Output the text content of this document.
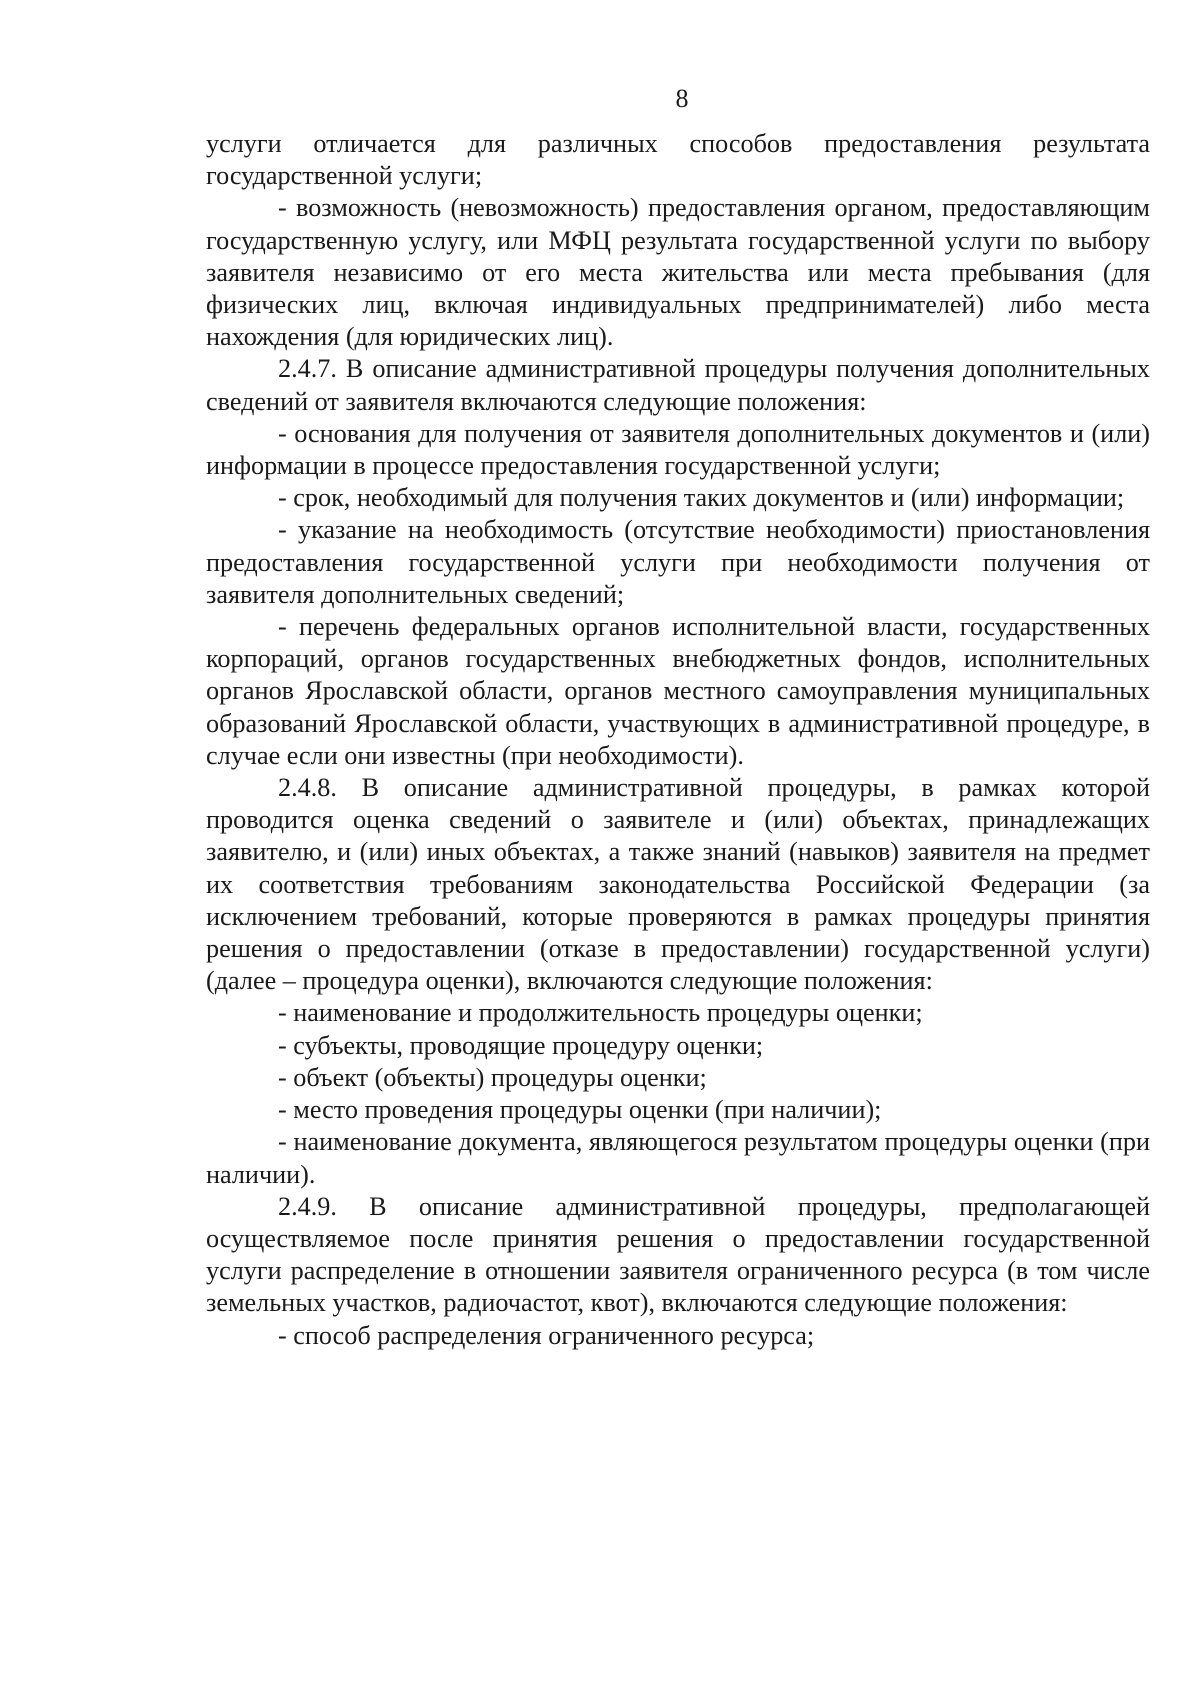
8

услуги отличается для различных способов предоставления результата государственной услуги;

- возможность (невозможность) предоставления органом, предоставляющим государственную услугу, или МФЦ результата государственной услуги по выбору заявителя независимо от его места жительства или места пребывания (для физических лиц, включая индивидуальных предпринимателей) либо места нахождения (для юридических лиц).

2.4.7. В описание административной процедуры получения дополнительных сведений от заявителя включаются следующие положения:

- основания для получения от заявителя дополнительных документов и (или) информации в процессе предоставления государственной услуги;

- срок, необходимый для получения таких документов и (или) информации;

- указание на необходимость (отсутствие необходимости) приостановления предоставления государственной услуги при необходимости получения от заявителя дополнительных сведений;

- перечень федеральных органов исполнительной власти, государственных корпораций, органов государственных внебюджетных фондов, исполнительных органов Ярославской области, органов местного самоуправления муниципальных образований Ярославской области, участвующих в административной процедуре, в случае если они известны (при необходимости).

2.4.8. В описание административной процедуры, в рамках которой проводится оценка сведений о заявителе и (или) объектах, принадлежащих заявителю, и (или) иных объектах, а также знаний (навыков) заявителя на предмет их соответствия требованиям законодательства Российской Федерации (за исключением требований, которые проверяются в рамках процедуры принятия решения о предоставлении (отказе в предоставлении) государственной услуги) (далее – процедура оценки), включаются следующие положения:

- наименование и продолжительность процедуры оценки;

- субъекты, проводящие процедуру оценки;

- объект (объекты) процедуры оценки;

- место проведения процедуры оценки (при наличии);

- наименование документа, являющегося результатом процедуры оценки (при наличии).

2.4.9. В описание административной процедуры, предполагающей осуществляемое после принятия решения о предоставлении государственной услуги распределение в отношении заявителя ограниченного ресурса (в том числе земельных участков, радиочастот, квот), включаются следующие положения:

- способ распределения ограниченного ресурса;
